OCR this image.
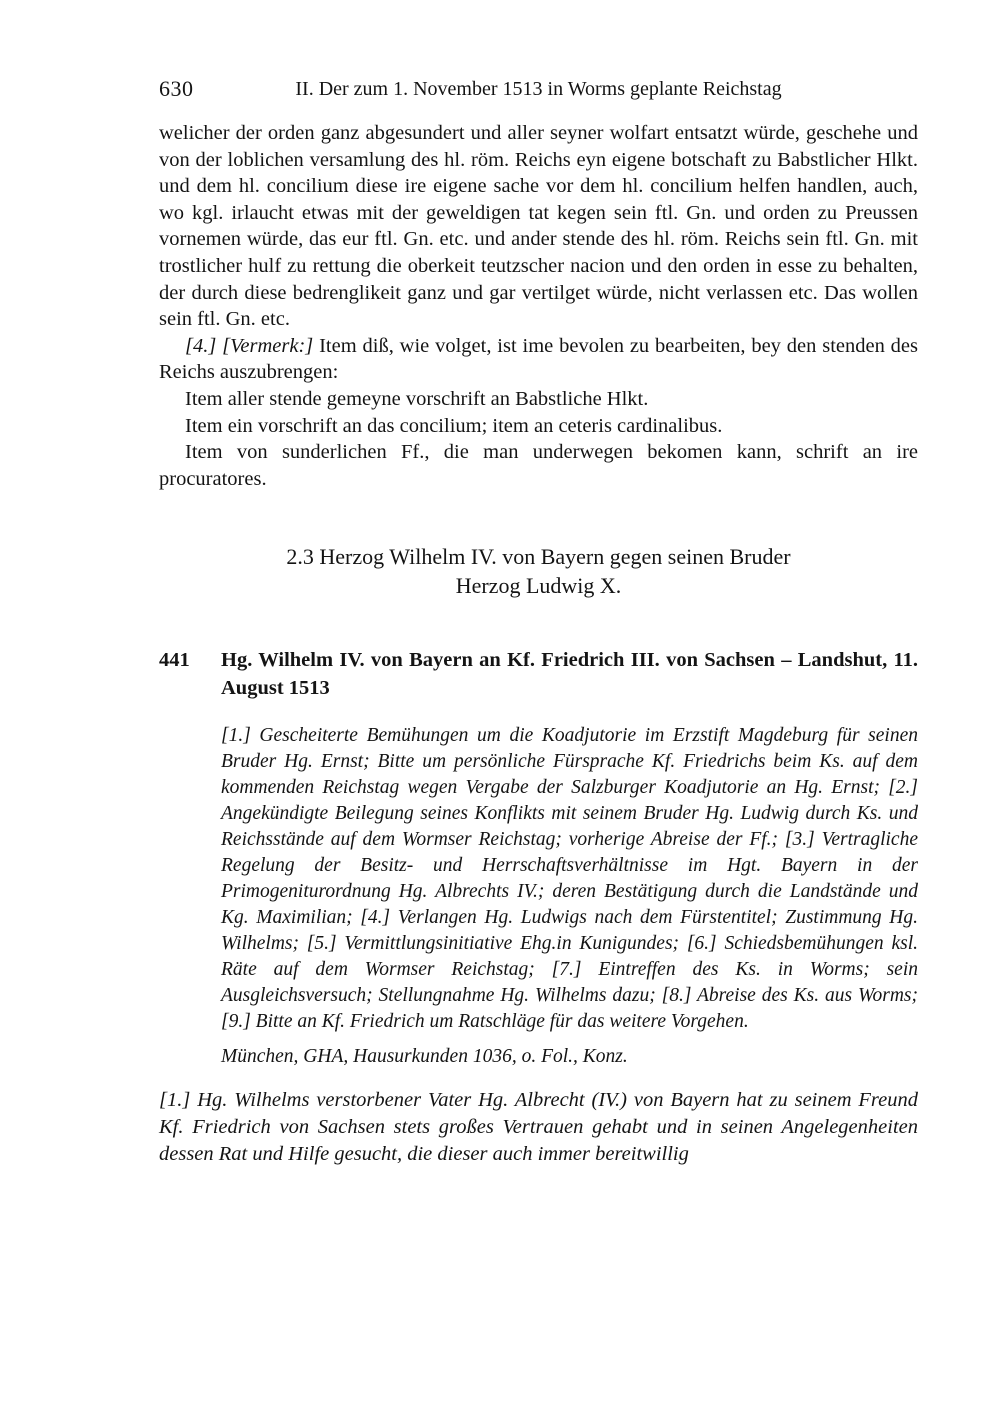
630	II. Der zum 1. November 1513 in Worms geplante Reichstag

welicher der orden ganz abgesundert und aller seyner wolfart entsatzt würde, geschehe und von der loblichen versamlung des hl. röm. Reichs eyn eigene botschaft zu Babstlicher Hlkt. und dem hl. concilium diese ire eigene sache vor dem hl. concilium helfen handlen, auch, wo kgl. irlaucht etwas mit der geweldigen tat kegen sein ftl. Gn. und orden zu Preussen vornemen würde, das eur ftl. Gn. etc. und ander stende des hl. röm. Reichs sein ftl. Gn. mit trostlicher hulf zu rettung die oberkeit teutzscher nacion und den orden in esse zu behalten, der durch diese bedrenglikeit ganz und gar vertilget würde, nicht verlassen etc. Das wollen sein ftl. Gn. etc.

[4.] [Vermerk:] Item diß, wie volget, ist ime bevolen zu bearbeiten, bey den stenden des Reichs auszubrengen:

Item aller stende gemeyne vorschrift an Babstliche Hlkt.

Item ein vorschrift an das concilium; item an ceteris cardinalibus.

Item von sunderlichen Ff., die man underwegen bekomen kann, schrift an ire procuratores.

2.3 Herzog Wilhelm IV. von Bayern gegen seinen Bruder
Herzog Ludwig X.
441 Hg. Wilhelm IV. von Bayern an Kf. Friedrich III. von Sachsen – Landshut, 11. August 1513

[1.] Gescheiterte Bemühungen um die Koadjutorie im Erzstift Magdeburg für seinen Bruder Hg. Ernst; Bitte um persönliche Fürsprache Kf. Friedrichs beim Ks. auf dem kommenden Reichstag wegen Vergabe der Salzburger Koadjutorie an Hg. Ernst; [2.] Angekündigte Beilegung seines Konflikts mit seinem Bruder Hg. Ludwig durch Ks. und Reichsstände auf dem Wormser Reichstag; vorherige Abreise der Ff.; [3.] Vertragliche Regelung der Besitz- und Herrschaftsverhältnisse im Hgt. Bayern in der Primogeniturordnung Hg. Albrechts IV.; deren Bestätigung durch die Landstände und Kg. Maximilian; [4.] Verlangen Hg. Ludwigs nach dem Fürstentitel; Zustimmung Hg. Wilhelms; [5.] Vermittlungsinitiative Ehg.in Kunigundes; [6.] Schiedsbemühungen ksl. Räte auf dem Wormser Reichstag; [7.] Eintreffen des Ks. in Worms; sein Ausgleichsversuch; Stellungnahme Hg. Wilhelms dazu; [8.] Abreise des Ks. aus Worms; [9.] Bitte an Kf. Friedrich um Ratschläge für das weitere Vorgehen.

München, GHA, Hausurkunden 1036, o. Fol., Konz.

[1.] Hg. Wilhelms verstorbener Vater Hg. Albrecht (IV.) von Bayern hat zu seinem Freund Kf. Friedrich von Sachsen stets großes Vertrauen gehabt und in seinen Angelegenheiten dessen Rat und Hilfe gesucht, die dieser auch immer bereitwillig
